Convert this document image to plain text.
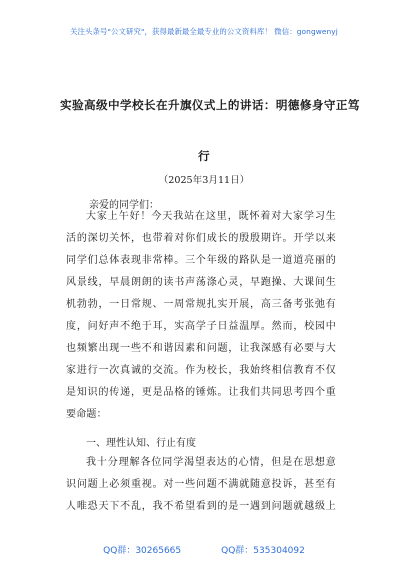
关注头条号"公文研究"，获得最新最全最专业的公文资料库！ 微信：gongwenyj
实验高级中学校长在升旗仪式上的讲话：明德修身守正笃
行
（2025年3月11日）
亲爱的同学们：
大家上午好！今天我站在这里，既怀着对大家学习生
活的深切关怀，也带着对你们成长的殷殷期许。开学以来
同学们总体表现非常棒。三个年级的路队是一道道亮丽的
风景线，早晨朗朗的读书声荡涤心灵，早跑操、大课间生
机勃勃，一日常规、一周常规扎实开展，高三备考张弛有
度，问好声不绝于耳，实高学子日益温厚。然而，校园中
也频繁出现一些不和谐因素和问题，让我深感有必要与大
家进行一次真诚的交流。作为校长，我始终相信教育不仅
是知识的传递，更是品格的锤炼。让我们共同思考四个重
要命题：
一、理性认知、行止有度
我十分理解各位同学渴望表达的心情，但是在思想意
识问题上必须重视。对一些问题不满就随意投诉，甚至有
人唯恐天下不乱，我不希望看到的是一遇到问题就越级上
QQ群：30265665	QQ群：535304092
